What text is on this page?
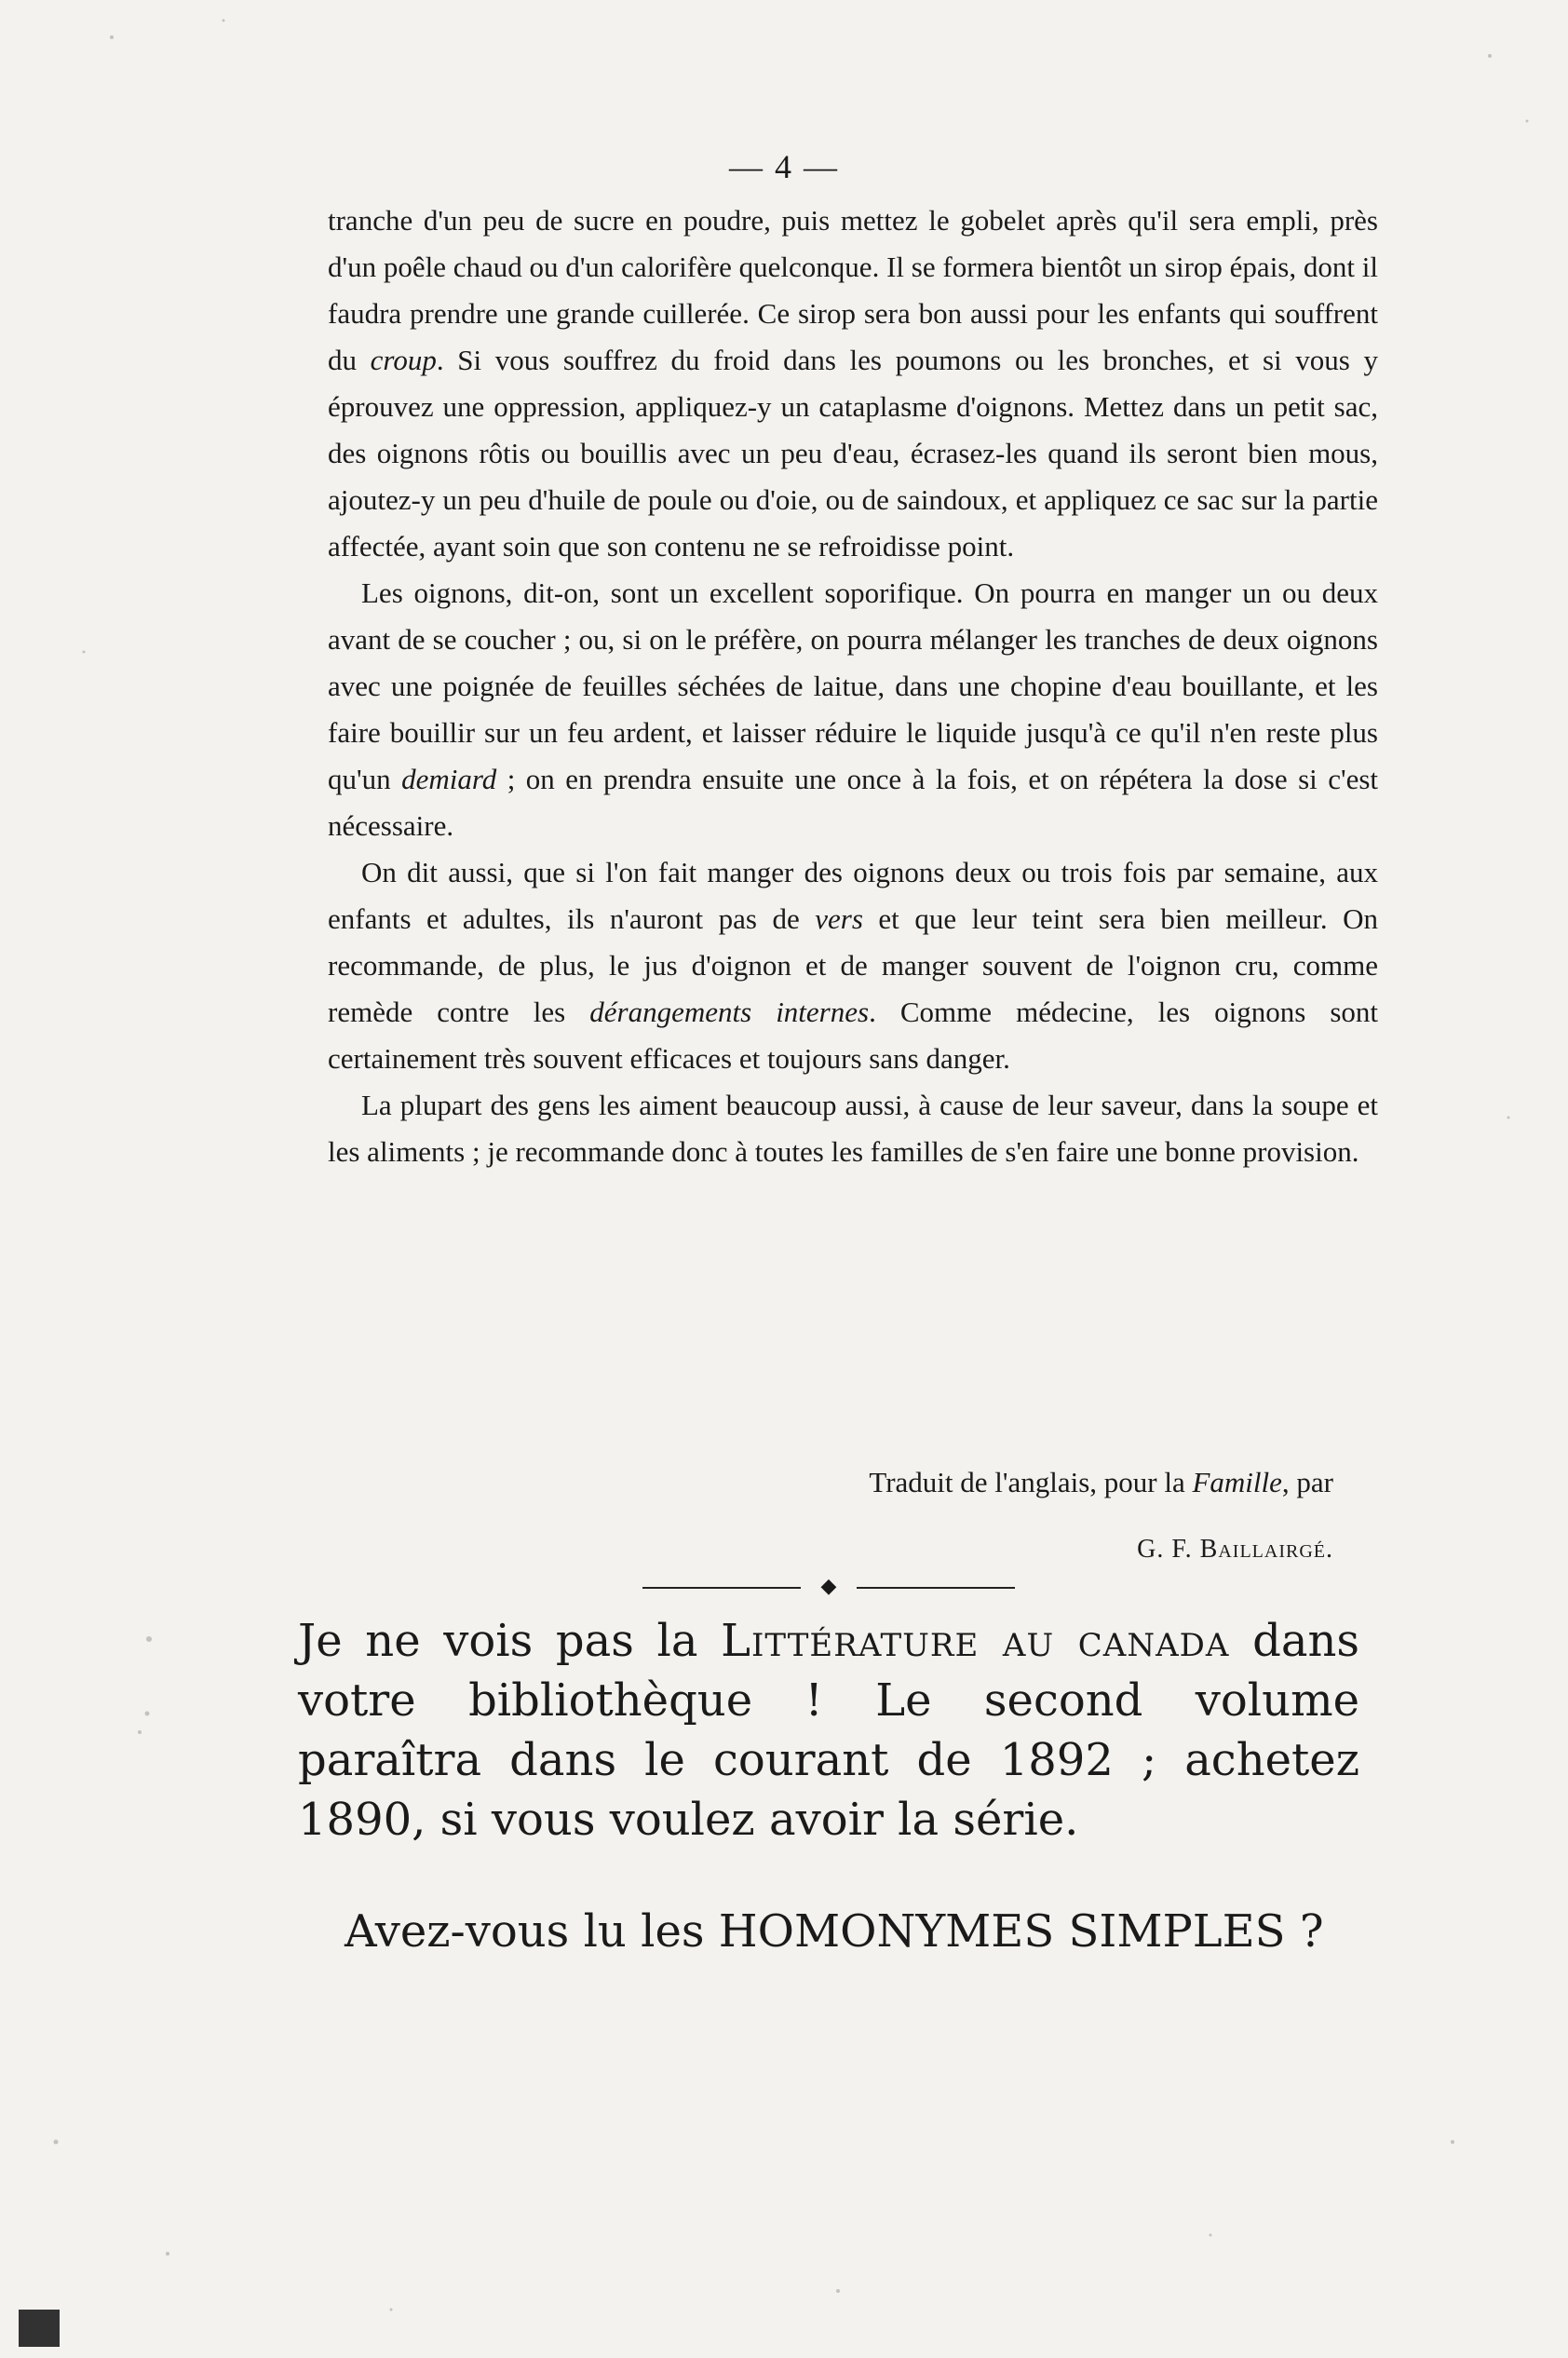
— 4 —

tranche d'un peu de sucre en poudre, puis mettez le gobelet après qu'il sera empli, près d'un poêle chaud ou d'un calorifère quelconque. Il se formera bientôt un sirop épais, dont il faudra prendre une grande cuillerée. Ce sirop sera bon aussi pour les enfants qui souffrent du croup. Si vous souffrez du froid dans les poumons ou les bronches, et si vous y éprouvez une oppression, appliquez-y un cataplasme d'oignons. Mettez dans un petit sac, des oignons rôtis ou bouillis avec un peu d'eau, écrasez-les quand ils seront bien mous, ajoutez-y un peu d'huile de poule ou d'oie, ou de saindoux, et appliquez ce sac sur la partie affectée, ayant soin que son contenu ne se refroidisse point.

Les oignons, dit-on, sont un excellent soporifique. On pourra en manger un ou deux avant de se coucher ; ou, si on le préfère, on pourra mélanger les tranches de deux oignons avec une poignée de feuilles séchées de laitue, dans une chopine d'eau bouillante, et les faire bouillir sur un feu ardent, et laisser réduire le liquide jusqu'à ce qu'il n'en reste plus qu'un demiard ; on en prendra ensuite une once à la fois, et on répétera la dose si c'est nécessaire.

On dit aussi, que si l'on fait manger des oignons deux ou trois fois par semaine, aux enfants et adultes, ils n'auront pas de vers et que leur teint sera bien meilleur. On recommande, de plus, le jus d'oignon et de manger souvent de l'oignon cru, comme remède contre les dérangements internes. Comme médecine, les oignons sont certainement très souvent efficaces et toujours sans danger.

La plupart des gens les aiment beaucoup aussi, à cause de leur saveur, dans la soupe et les aliments ; je recommande donc à toutes les familles de s'en faire une bonne provision.

Traduit de l'anglais, pour la Famille, par
G. F. Baillairgé.
◆
Je ne vois pas la Littérature au canada dans votre bibliothèque ! Le second volume paraîtra dans le courant de 1892 ; achetez 1890, si vous voulez avoir la série.
Avez-vous lu les HOMONYMES SIMPLES ?
